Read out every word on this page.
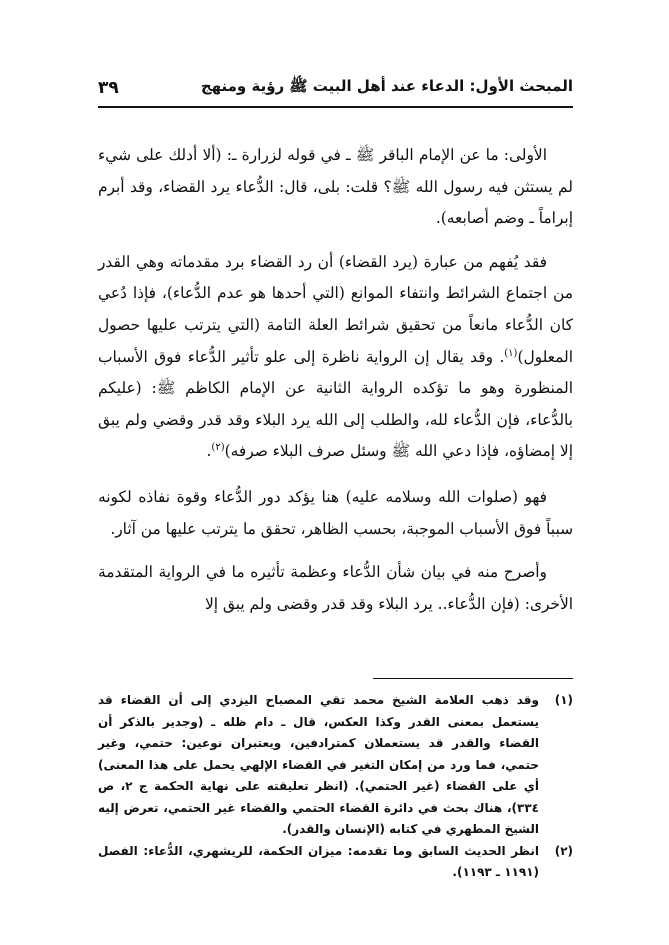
المبحث الأول: الدعاء عند أهل البيت ﷺ رؤية ومنهج
٣٩

الأولى: ما عن الإمام الباقر ﷺ ـ في قوله لزرارة ـ: (ألا أدلك على شيء لم يستثن فيه رسول الله ﷺ؟ قلت: بلى، قال: الدُّعاء يرد القضاء، وقد أبرم إبراماً ـ وضم أصابعه).

فقد يُفهم من عبارة (يرد القضاء) أن رد القضاء برد مقدماته وهي القدر من اجتماع الشرائط وانتفاء الموانع (التي أحدها هو عدم الدُّعاء)، فإذا دُعي كان الدُّعاء مانعاً من تحقيق شرائط العلة التامة (التي يترتب عليها حصول المعلول)$^{(١)}$. وقد يقال إن الرواية ناظرة إلى علو تأثير الدُّعاء فوق الأسباب المنظورة وهو ما تؤكده الرواية الثانية عن الإمام الكاظم ﷺ: (عليكم بالدُّعاء، فإن الدُّعاء لله، والطلب إلى الله يرد البلاء وقد قدر وقضي ولم يبق إلا إمضاؤه، فإذا دعي الله ﷺ وسئل صرف البلاء صرفه)$^{(٢)}$.

فهو (صلوات الله وسلامه عليه) هنا يؤكد دور الدُّعاء وقوة نفاذه لكونه سبباً فوق الأسباب الموجبة، بحسب الظاهر، تحقق ما يترتب عليها من آثار.

وأصرح منه في بيان شأن الدُّعاء وعظمة تأثيره ما في الرواية المتقدمة الأخرى: (فإن الدُّعاء.. يرد البلاء وقد قدر وقضى ولم يبق إلا

(١)
وقد ذهب العلامة الشيخ محمد تقي المصباح اليزدي إلى أن القضاء قد يستعمل بمعنى القدر وكذا العكس، قال ـ دام ظله ـ (وجدير بالذكر أن القضاء والقدر قد يستعملان كمترادفين، ويعتبران نوعين: حتمي، وغير حتمي، فما ورد من إمكان التغير في القضاء الإلهي يحمل على هذا المعنى) أي على القضاء (غير الحتمي). (انظر تعليقته على نهاية الحكمة ج ٢، ص ٣٣٤)، هناك بحث في دائرة القضاء الحتمي والقضاء غير الحتمي، تعرض إليه الشيخ المطهري في كتابه (الإنسان والقدر).
(٢)
انظر الحديث السابق وما تقدمه: ميزان الحكمة، للريشهري، الدُّعاء: الفصل (١١٩١ ـ ١١٩٣).
